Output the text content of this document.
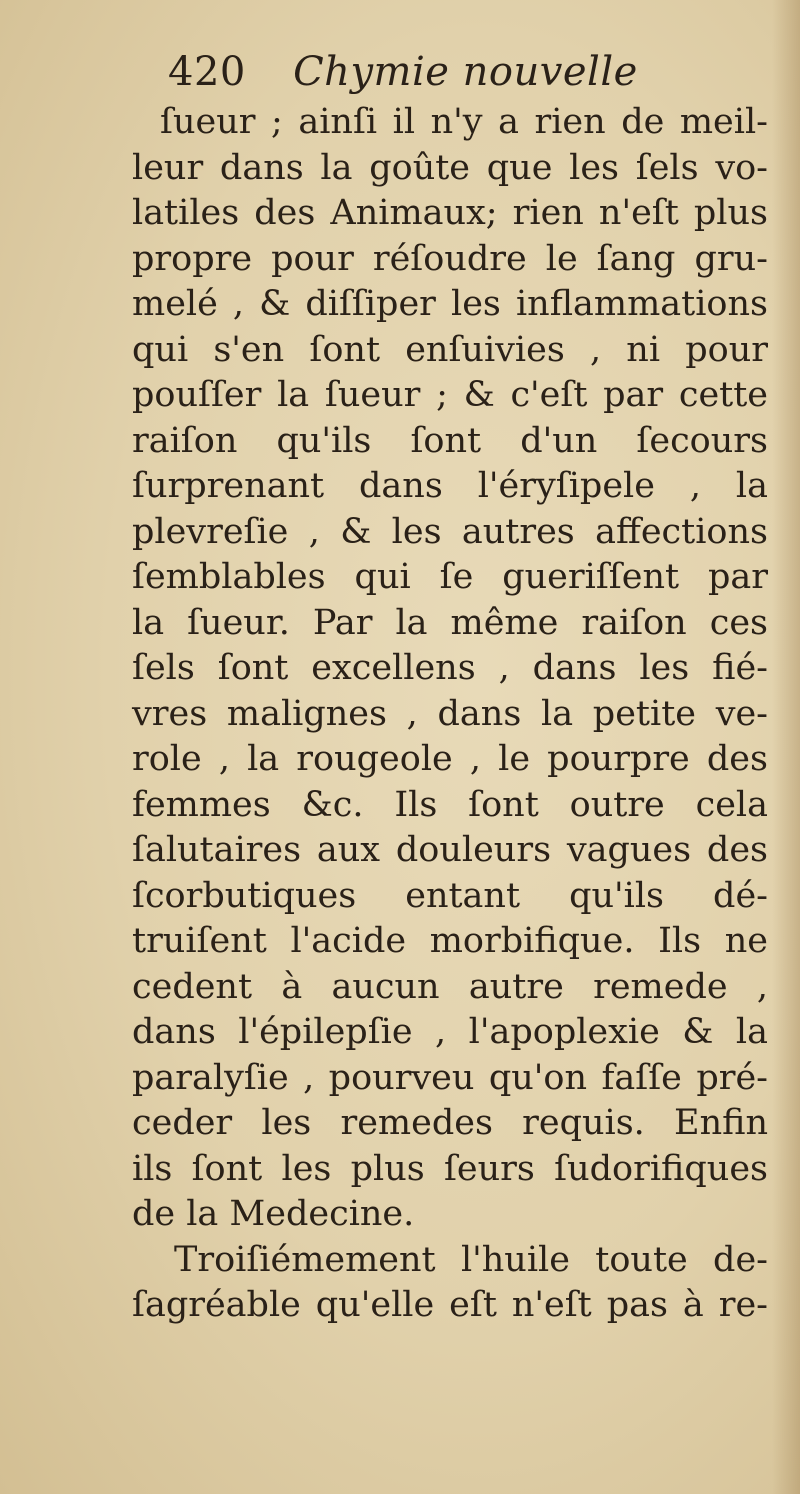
420 Chymie nouvelle
ſueur ; ainſi il n'y a rien de meil-
leur dans la goûte que les ſels vo-
latiles des Animaux; rien n'eſt plus
propre pour réſoudre le ſang gru-
melé , & diſſiper les inflammations
qui s'en ſont enſuivies , ni pour
pouſſer la ſueur ; & c'eſt par cette
raiſon qu'ils ſont d'un ſecours
ſurprenant dans l'éryſipele , la
plevreſie , & les autres affections
ſemblables qui ſe gueriſſent par
la ſueur. Par la même raiſon ces
ſels ſont excellens , dans les fié-
vres malignes , dans la petite ve-
role , la rougeole , le pourpre des
femmes &c. Ils ſont outre cela
ſalutaires aux douleurs vagues des
ſcorbutiques entant qu'ils dé-
truiſent l'acide morbifique. Ils ne
cedent à aucun autre remede ,
dans l'épilepſie , l'apoplexie & la
paralyſie , pourveu qu'on faſſe pré-
ceder les remedes requis. Enfin
ils ſont les plus ſeurs ſudorifiques
de la Medecine.
Troiſiémement l'huile toute de-
ſagréable qu'elle eſt n'eſt pas à re-
